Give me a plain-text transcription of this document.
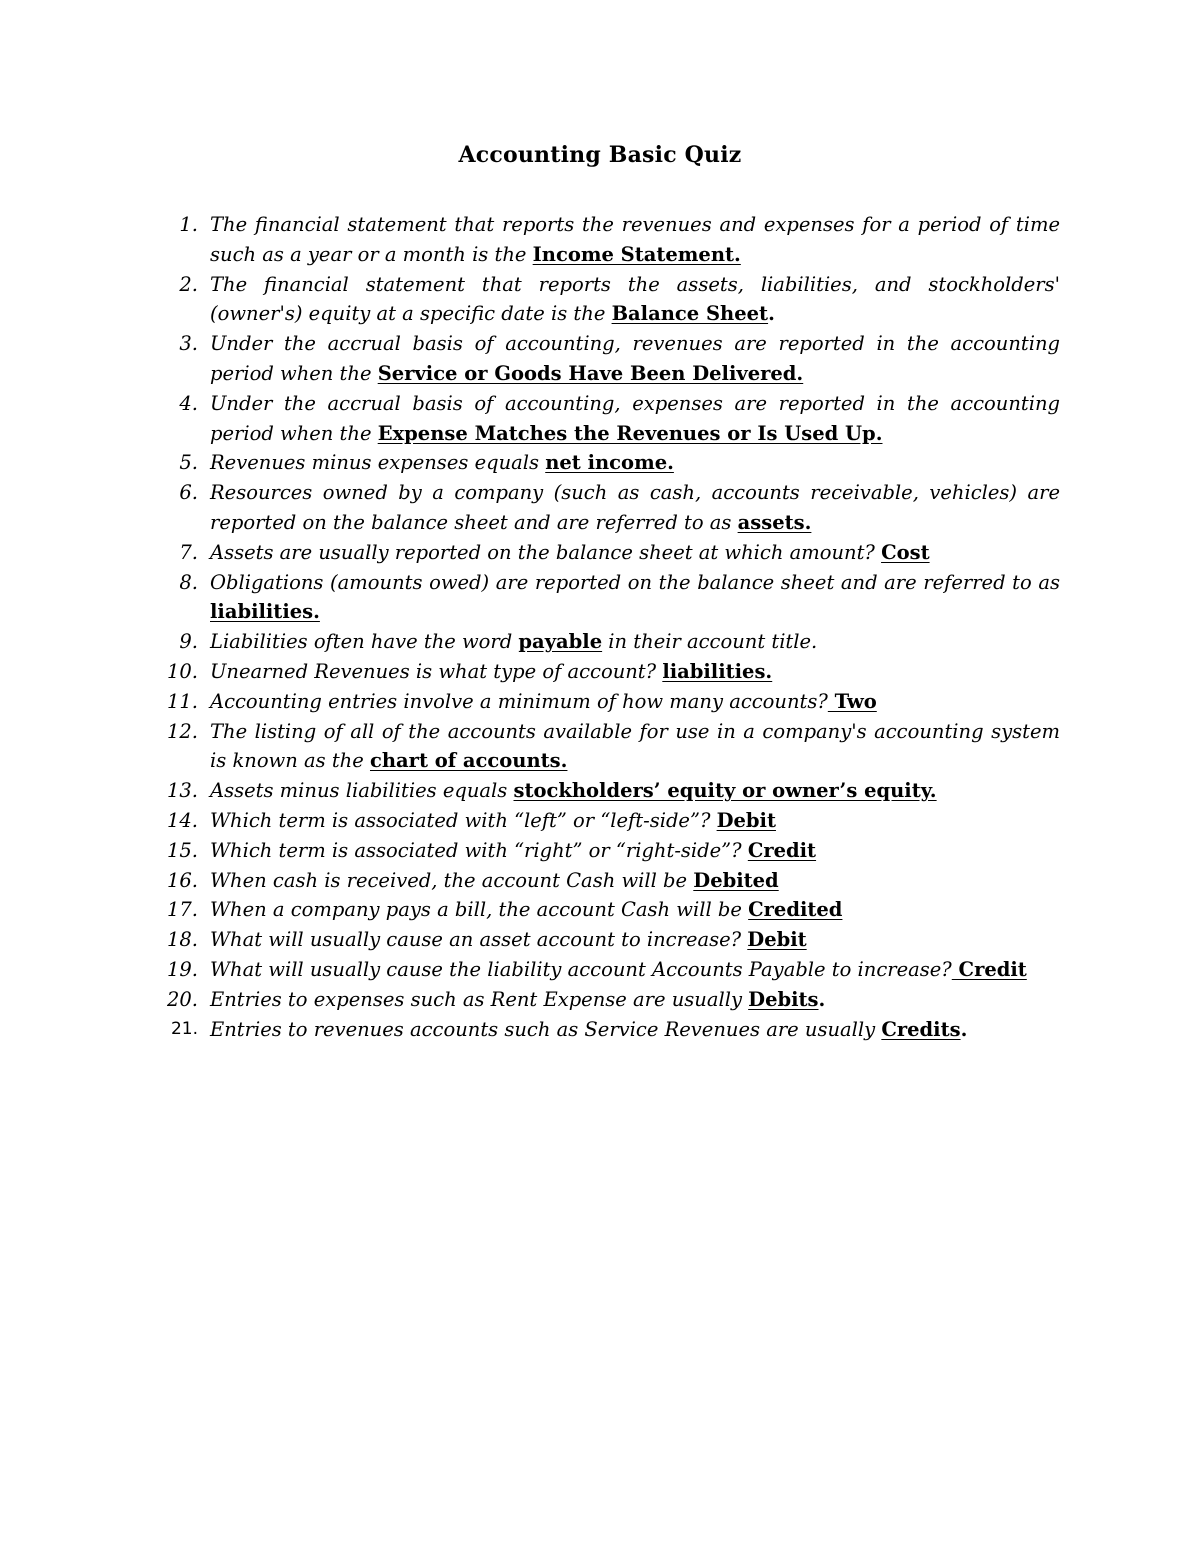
Accounting Basic Quiz
1. The financial statement that reports the revenues and expenses for a period of time such as a year or a month is the Income Statement.
2. The financial statement that reports the assets, liabilities, and stockholders' (owner's) equity at a specific date is the Balance Sheet.
3. Under the accrual basis of accounting, revenues are reported in the accounting period when the Service or Goods Have Been Delivered.
4. Under the accrual basis of accounting, expenses are reported in the accounting period when the Expense Matches the Revenues or Is Used Up.
5. Revenues minus expenses equals net income.
6. Resources owned by a company (such as cash, accounts receivable, vehicles) are reported on the balance sheet and are referred to as assets.
7. Assets are usually reported on the balance sheet at which amount? Cost
8. Obligations (amounts owed) are reported on the balance sheet and are referred to as liabilities.
9. Liabilities often have the word payable in their account title.
10. Unearned Revenues is what type of account? liabilities.
11. Accounting entries involve a minimum of how many accounts? Two
12. The listing of all of the accounts available for use in a company's accounting system is known as the chart of accounts.
13. Assets minus liabilities equals stockholders’ equity or owner’s equity.
14. Which term is associated with “left” or “left-side”? Debit
15. Which term is associated with “right” or “right-side”? Credit
16. When cash is received, the account Cash will be Debited
17. When a company pays a bill, the account Cash will be Credited
18. What will usually cause an asset account to increase? Debit
19. What will usually cause the liability account Accounts Payable to increase? Credit
20. Entries to expenses such as Rent Expense are usually Debits.
21. Entries to revenues accounts such as Service Revenues are usually Credits.
